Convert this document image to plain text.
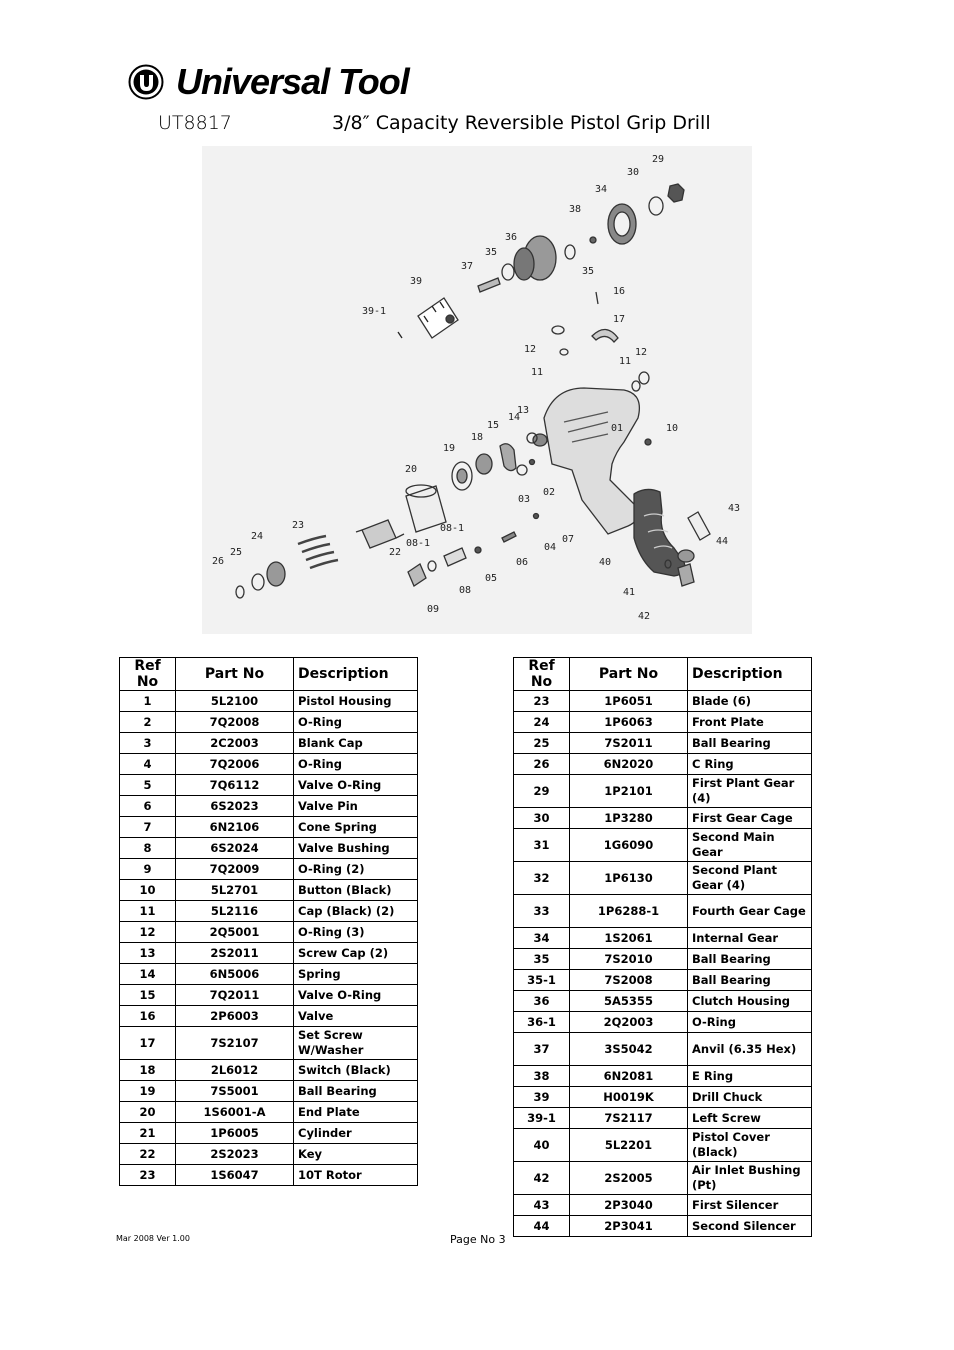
Universal Tool
UT8817	3/8″ Capacity Reversible Pistol Grip Drill
29
30
34
38
36
35
37	35
39
39-1
16
17
12
11
11
12
13
14
15
18
19
01	10
20
02
03
23	08-1
24
25
26
22
08-1	04
07
06
05
08
09
43
44
40
41
42
Ref No	Part No	Description
1	5L2100	Pistol Housing
2	7Q2008	O-Ring
3	2C2003	Blank Cap
4	7Q2006	O-Ring
5	7Q6112	Valve O-Ring
6	6S2023	Valve Pin
7	6N2106	Cone Spring
8	6S2024	Valve Bushing
9	7Q2009	O-Ring (2)
10	5L2701	Button (Black)
11	5L2116	Cap (Black) (2)
12	2Q5001	O-Ring (3)
13	2S2011	Screw Cap (2)
14	6N5006	Spring
15	7Q2011	Valve O-Ring
16	2P6003	Valve
17	7S2107	Set Screw W/Washer
18	2L6012	Switch (Black)
19	7S5001	Ball Bearing
20	1S6001-A	End Plate
21	1P6005	Cylinder
22	2S2023	Key
23	1S6047	10T Rotor
Ref No	Part No	Description
23	1P6051	Blade (6)
24	1P6063	Front Plate
25	7S2011	Ball Bearing
26	6N2020	C Ring
29	1P2101	First Plant Gear (4)
30	1P3280	First Gear Cage
31	1G6090	Second Main Gear
32	1P6130	Second Plant Gear (4)
33	1P6288-1	Fourth Gear Cage
34	1S2061	Internal Gear
35	7S2010	Ball Bearing
35-1	7S2008	Ball Bearing
36	5A5355	Clutch Housing
36-1	2Q2003	O-Ring
37	3S5042	Anvil (6.35 Hex)
38	6N2081	E Ring
39	H0019K	Drill Chuck
39-1	7S2117	Left Screw
40	5L2201	Pistol Cover (Black)
42	2S2005	Air Inlet Bushing (Pt)
43	2P3040	First Silencer
44	2P3041	Second Silencer
Mar 2008 Ver 1.00	Page No 3
